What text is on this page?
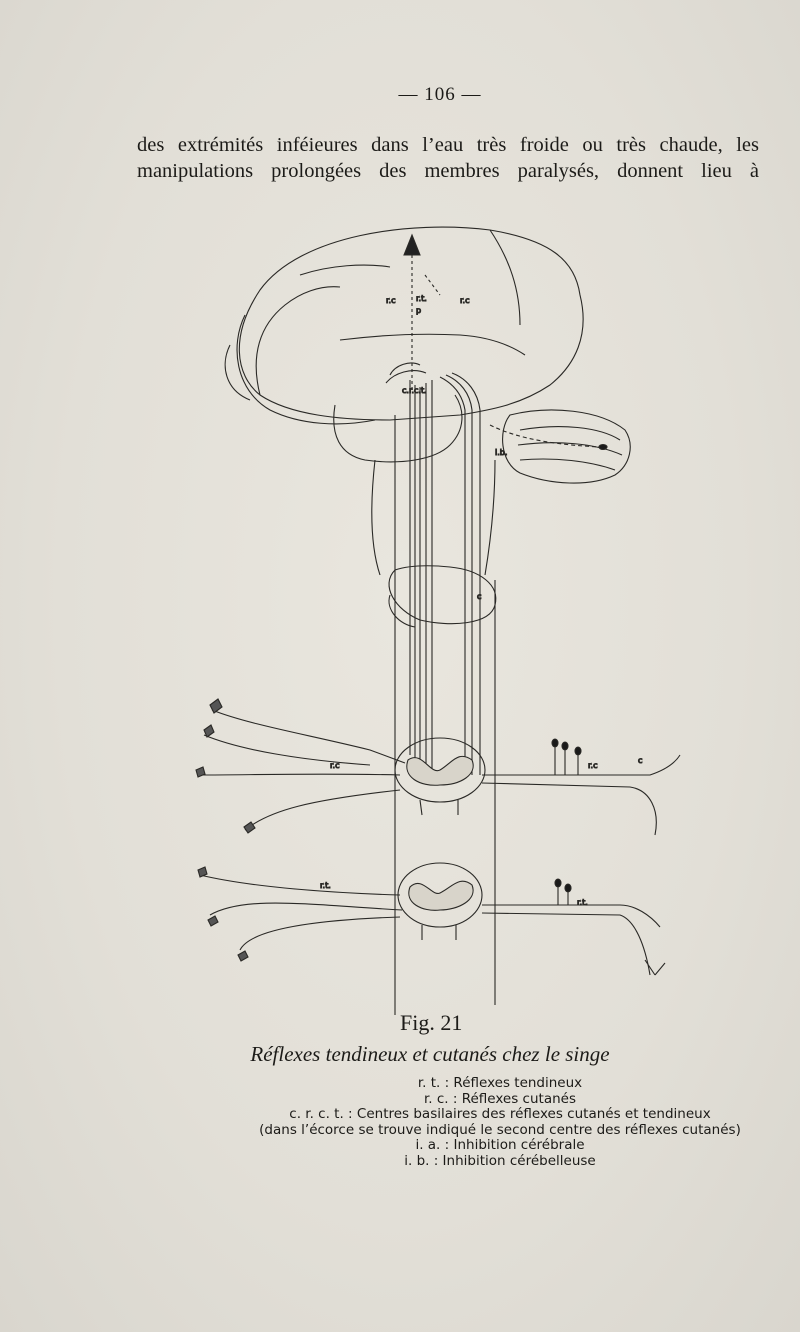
— 106 —
des extrémités inféieures dans l’eau très froide ou très chaude, les
manipulations prolongées des membres paralysés, donnent lieu à
c
r.c	r.t.	r.c
p
c.r.c.t.
i.b.
r.c
r.t.
r.c
r.t.
c
Fig. 21
Réflexes tendineux et cutanés chez le singe
r. t. : Réflexes tendineux
r. c. : Réflexes cutanés
c. r. c. t. : Centres basilaires des réflexes cutanés et tendineux
(dans l’écorce se trouve indiqué le second centre des réflexes cutanés)
i. a. : Inhibition cérébrale
i. b. : Inhibition cérébelleuse
